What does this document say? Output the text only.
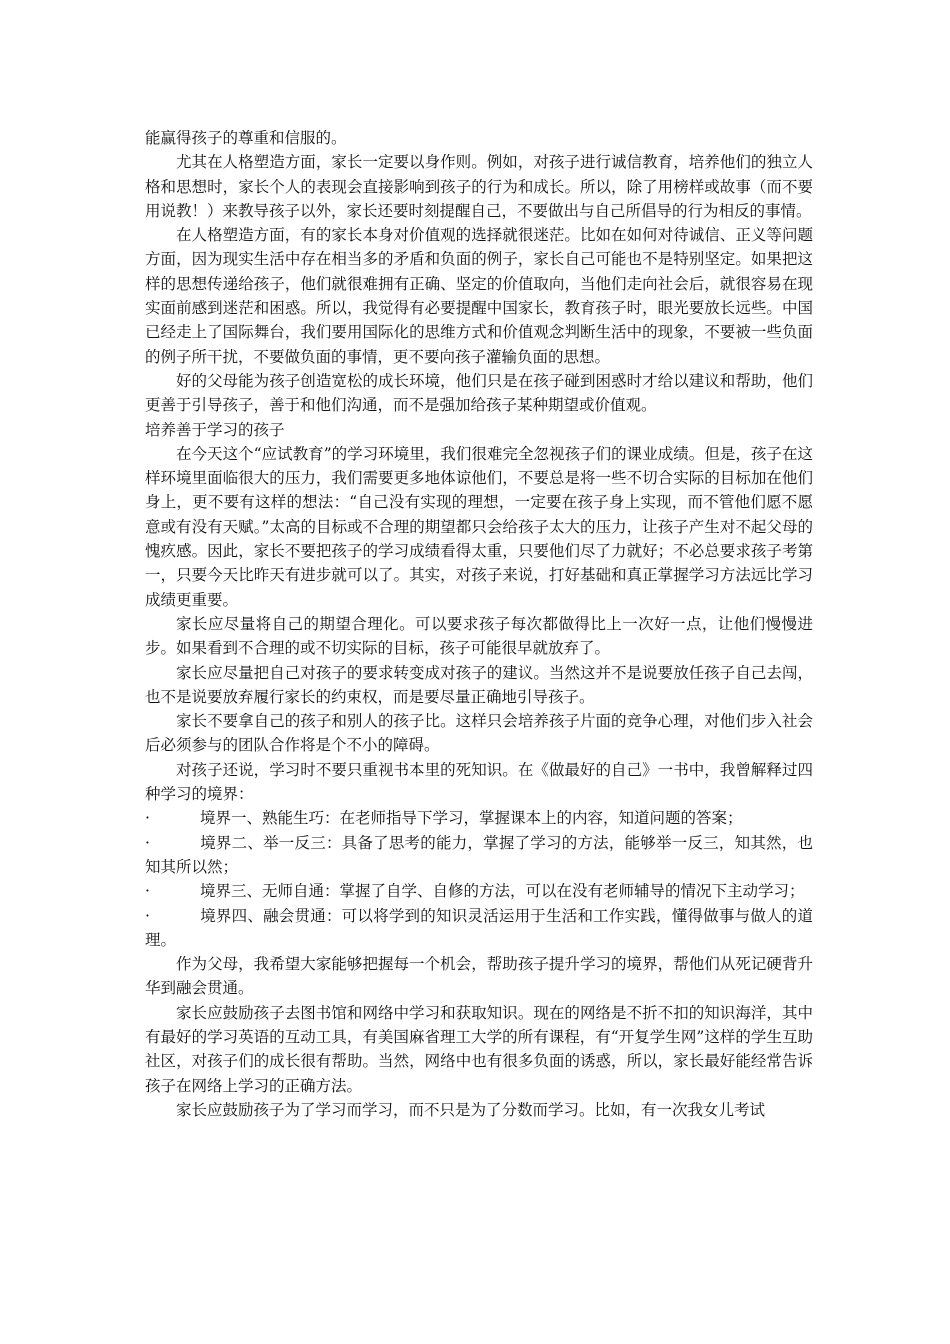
能赢得孩子的尊重和信服的。

尤其在人格塑造方面，家长一定要以身作则。例如，对孩子进行诚信教育，培养他们的独立人格和思想时，家长个人的表现会直接影响到孩子的行为和成长。所以，除了用榜样或故事（而不要用说教！）来教导孩子以外，家长还要时刻提醒自己，不要做出与自己所倡导的行为相反的事情。

在人格塑造方面，有的家长本身对价值观的选择就很迷茫。比如在如何对待诚信、正义等问题方面，因为现实生活中存在相当多的矛盾和负面的例子，家长自己可能也不是特别坚定。如果把这样的思想传递给孩子，他们就很难拥有正确、坚定的价值取向，当他们走向社会后，就很容易在现实面前感到迷茫和困惑。所以，我觉得有必要提醒中国家长，教育孩子时，眼光要放长远些。中国已经走上了国际舞台，我们要用国际化的思维方式和价值观念判断生活中的现象，不要被一些负面的例子所干扰，不要做负面的事情，更不要向孩子灌输负面的思想。

好的父母能为孩子创造宽松的成长环境，他们只是在孩子碰到困惑时才给以建议和帮助，他们更善于引导孩子，善于和他们沟通，而不是强加给孩子某种期望或价值观。

培养善于学习的孩子

在今天这个“应试教育”的学习环境里，我们很难完全忽视孩子们的课业成绩。但是，孩子在这样环境里面临很大的压力，我们需要更多地体谅他们，不要总是将一些不切合实际的目标加在他们身上，更不要有这样的想法：“自己没有实现的理想，一定要在孩子身上实现，而不管他们愿不愿意或有没有天赋。”太高的目标或不合理的期望都只会给孩子太大的压力，让孩子产生对不起父母的愧疚感。因此，家长不要把孩子的学习成绩看得太重，只要他们尽了力就好；不必总要求孩子考第一，只要今天比昨天有进步就可以了。其实，对孩子来说，打好基础和真正掌握学习方法远比学习成绩更重要。

家长应尽量将自己的期望合理化。可以要求孩子每次都做得比上一次好一点，让他们慢慢进步。如果看到不合理的或不切实际的目标，孩子可能很早就放弃了。

家长应尽量把自己对孩子的要求转变成对孩子的建议。当然这并不是说要放任孩子自己去闯，也不是说要放弃履行家长的约束权，而是要尽量正确地引导孩子。

家长不要拿自己的孩子和别人的孩子比。这样只会培养孩子片面的竞争心理，对他们步入社会后必须参与的团队合作将是个不小的障碍。

对孩子还说，学习时不要只重视书本里的死知识。在《做最好的自己》一书中，我曾解释过四种学习的境界：

·	境界一、熟能生巧：在老师指导下学习，掌握课本上的内容，知道问题的答案；

·	境界二、举一反三：具备了思考的能力，掌握了学习的方法，能够举一反三，知其然，也知其所以然；

·	境界三、无师自通：掌握了自学、自修的方法，可以在没有老师辅导的情况下主动学习；

·	境界四、融会贯通：可以将学到的知识灵活运用于生活和工作实践，懂得做事与做人的道理。

作为父母，我希望大家能够把握每一个机会，帮助孩子提升学习的境界，帮他们从死记硬背升华到融会贯通。

家长应鼓励孩子去图书馆和网络中学习和获取知识。现在的网络是不折不扣的知识海洋，其中有最好的学习英语的互动工具，有美国麻省理工大学的所有课程，有“开复学生网”这样的学生互助社区，对孩子们的成长很有帮助。当然，网络中也有很多负面的诱惑，所以，家长最好能经常告诉孩子在网络上学习的正确方法。

家长应鼓励孩子为了学习而学习，而不只是为了分数而学习。比如，有一次我女儿考试
